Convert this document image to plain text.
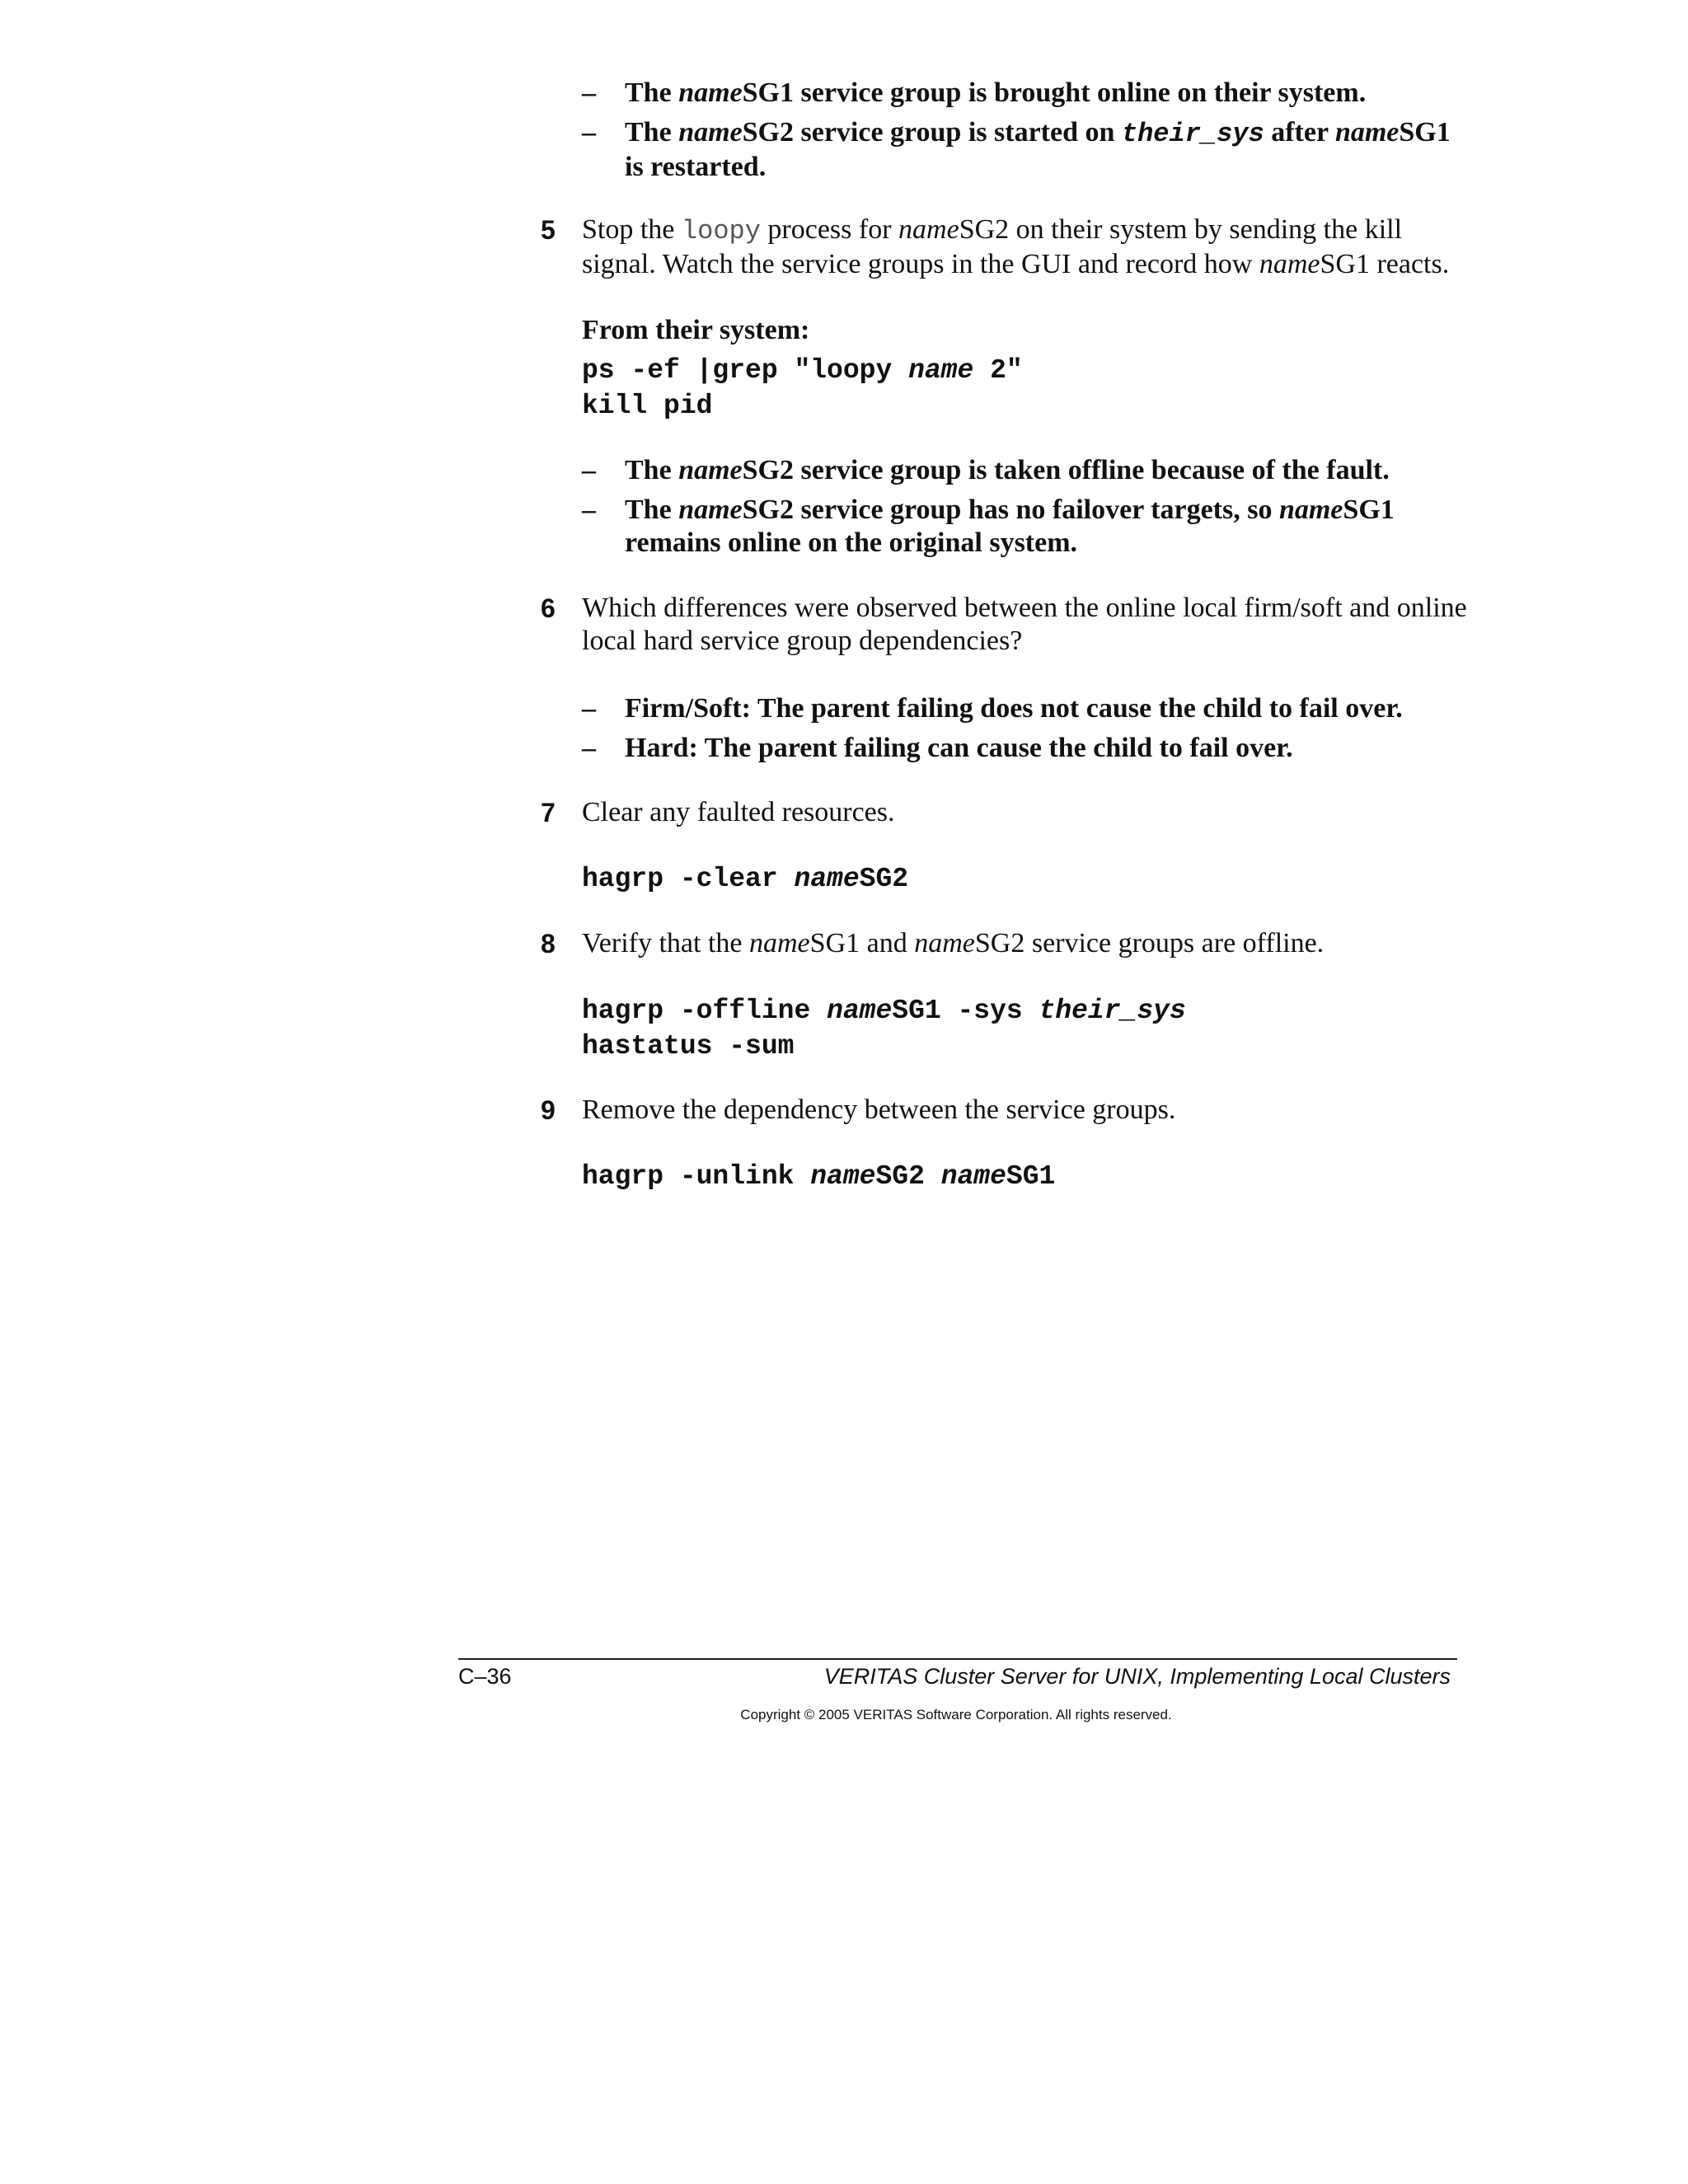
– The nameSG1 service group is brought online on their system.
– The nameSG2 service group is started on their_sys after nameSG1 is restarted.
5 Stop the loopy process for nameSG2 on their system by sending the kill signal. Watch the service groups in the GUI and record how nameSG1 reacts.
From their system:
ps -ef |grep "loopy name 2"
kill pid
– The nameSG2 service group is taken offline because of the fault.
– The nameSG2 service group has no failover targets, so nameSG1 remains online on the original system.
6 Which differences were observed between the online local firm/soft and online local hard service group dependencies?
– Firm/Soft: The parent failing does not cause the child to fail over.
– Hard: The parent failing can cause the child to fail over.
7 Clear any faulted resources.
hagrp -clear nameSG2
8 Verify that the nameSG1 and nameSG2 service groups are offline.
hagrp -offline nameSG1 -sys their_sys
hastatus -sum
9 Remove the dependency between the service groups.
hagrp -unlink nameSG2 nameSG1
C–36	VERITAS Cluster Server for UNIX, Implementing Local Clusters
Copyright © 2005 VERITAS Software Corporation. All rights reserved.
